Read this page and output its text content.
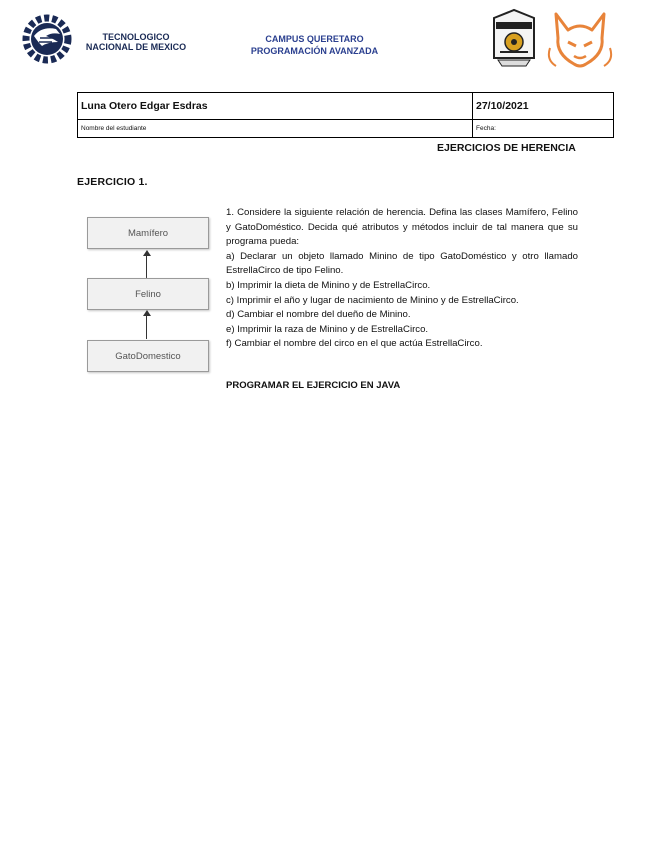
TECNOLOGICO
NACIONAL DE MEXICO
CAMPUS QUERETARO
PROGRAMACIÓN AVANZADA
Luna Otero Edgar Esdras	27/10/2021
Nombre del estudiante	Fecha:
EJERCICIOS DE HERENCIA
EJERCICIO 1.
Mamífero
Felino
GatoDomestico

1. Considere la siguiente relación de herencia. Defina las clases Mamífero, Felino y GatoDoméstico. Decida qué atributos y métodos incluir de tal manera que su programa pueda:

a) Declarar un objeto llamado Minino de tipo GatoDoméstico y otro llamado EstrellaCirco de tipo Felino.

b) Imprimir la dieta de Minino y de EstrellaCirco.

c) Imprimir el año y lugar de nacimiento de Minino y de EstrellaCirco.

d) Cambiar el nombre del dueño de Minino.

e) Imprimir la raza de Minino y de EstrellaCirco.

f) Cambiar el nombre del circo en el que actúa EstrellaCirco.

PROGRAMAR EL EJERCICIO EN JAVA
